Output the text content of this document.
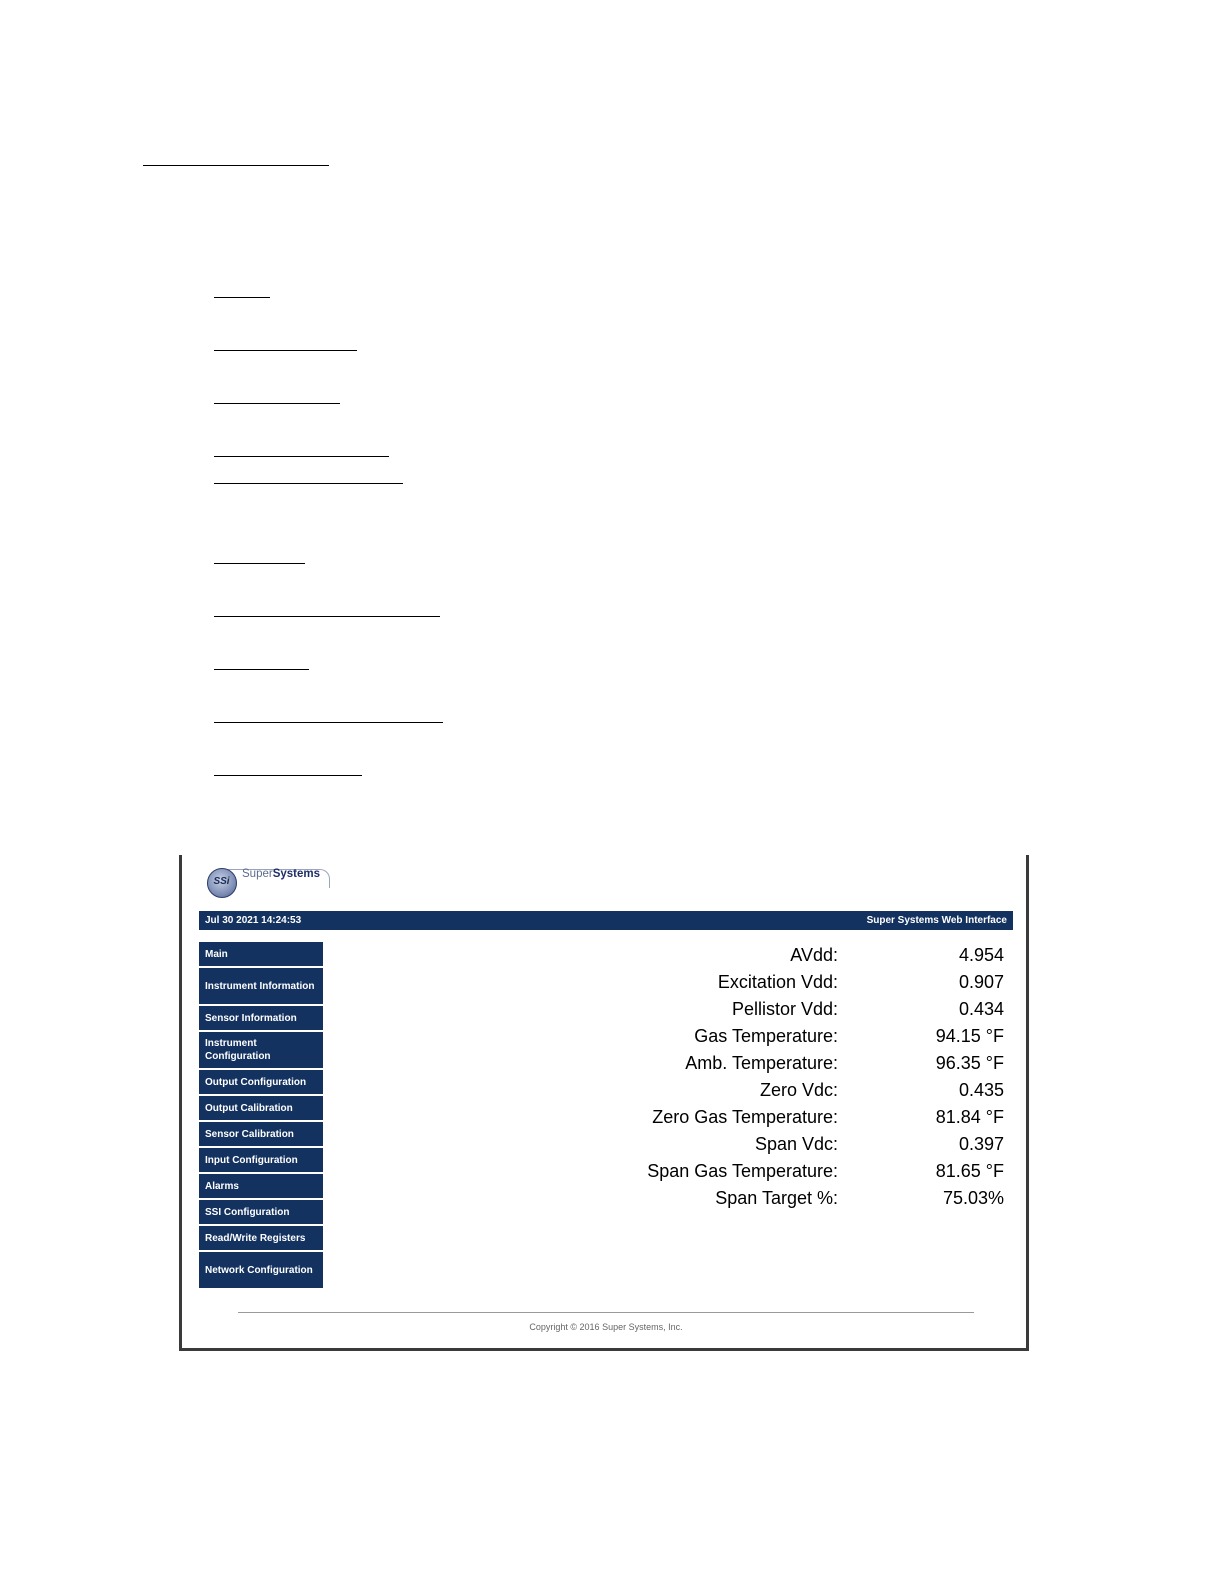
SSi
SuperSystems
Jul 30 2021 14:24:53	Super Systems Web Interface
Main
Instrument Information
Sensor Information
Instrument Configuration
Output Configuration
Output Calibration
Sensor Calibration
Input Configuration
Alarms
SSI Configuration
Read/Write Registers
Network Configuration
AVdd:	4.954
Excitation Vdd:	0.907
Pellistor Vdd:	0.434
Gas Temperature:	94.15 °F
Amb. Temperature:	96.35 °F
Zero Vdc:	0.435
Zero Gas Temperature:	81.84 °F
Span Vdc:	0.397
Span Gas Temperature:	81.65 °F
Span Target %:	75.03%
Copyright © 2016 Super Systems, Inc.
